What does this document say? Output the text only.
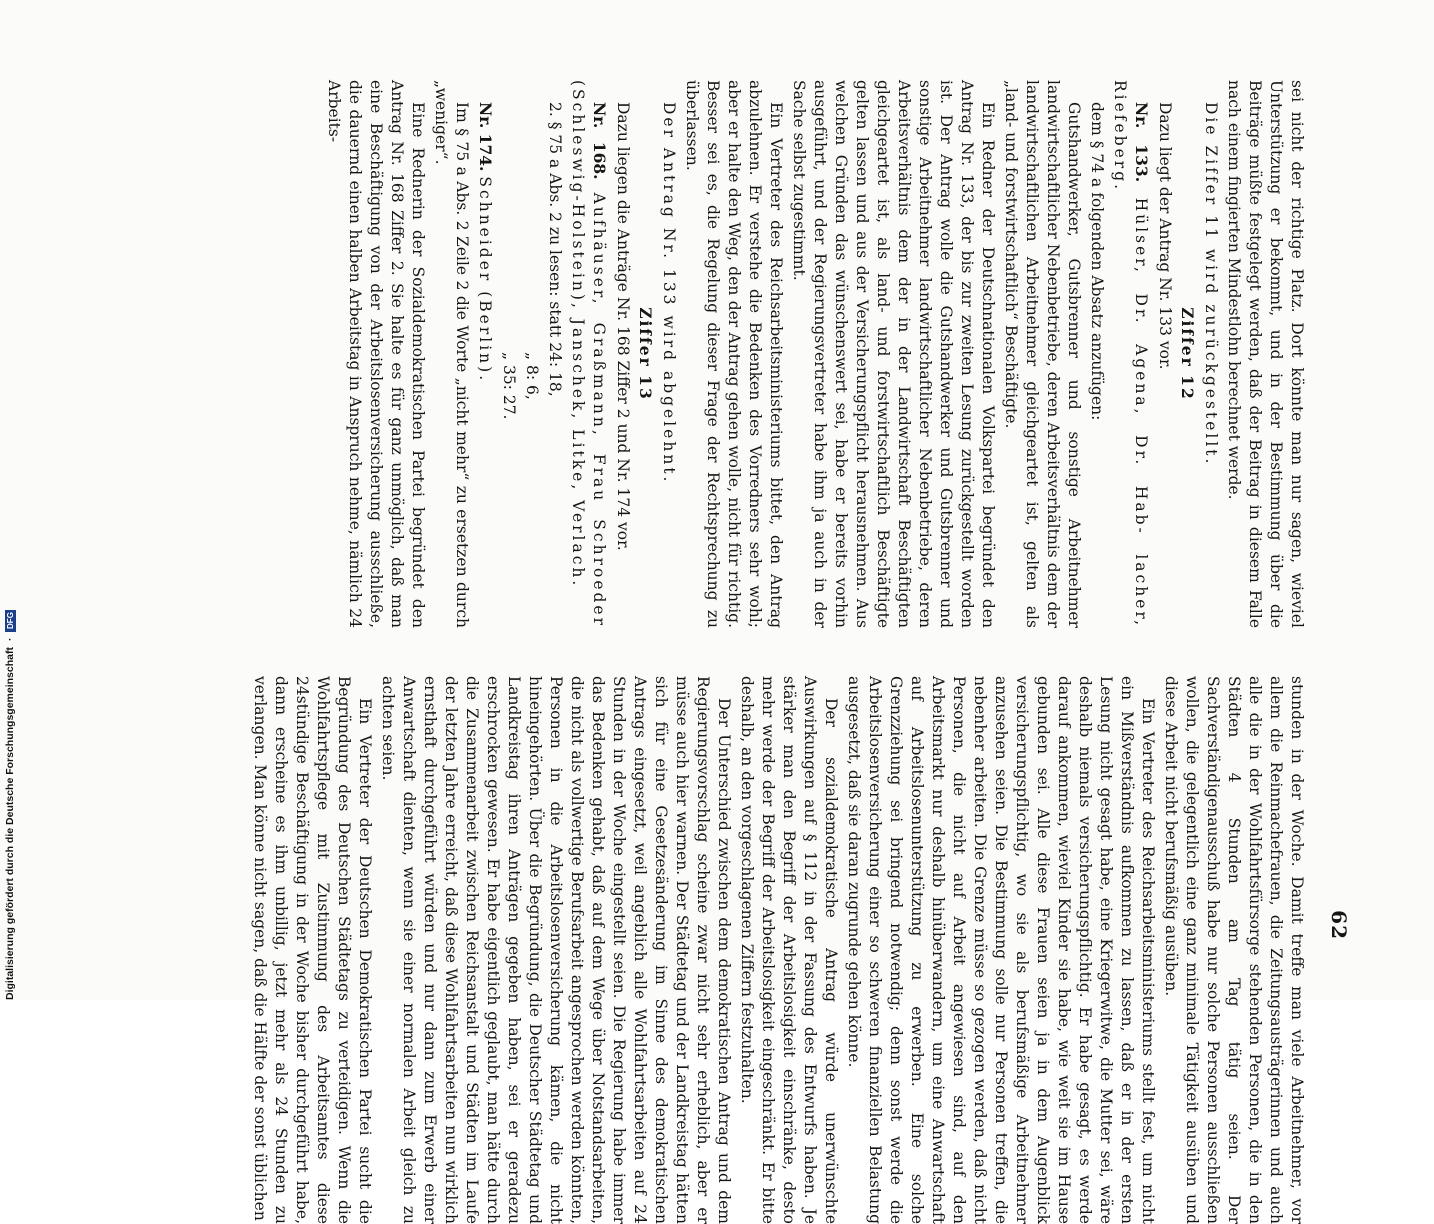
62

sei nicht der richtige Platz. Dort könnte man nur sagen, wieviel Unterstützung er bekommt, und in der Bestimmung über die Beiträge müßte festgelegt werden, daß der Beitrag in diesem Falle nach einem fingierten Mindestlohn berechnet werde.

Die Ziffer 11 wird zurückgestellt.

Ziffer 12

Dazu liegt der Antrag Nr. 133 vor.

Nr. 133. Hülser, Dr. Agena, Dr. Hab- lacher, Riefeberg.

dem § 74 a folgenden Absatz anzufügen:

Gutshandwerker, Gutsbrenner und sonstige Arbeitnehmer landwirtschaftlicher Nebenbetriebe, deren Arbeitsverhältnis dem der landwirtschaftlichen Arbeitnehmer gleichgeartet ist, gelten als „land- und forstwirtschaftlich“ Beschäftigte.

Ein Redner der Deutschnationalen Volkspartei begründet den Antrag Nr. 133, der bis zur zweiten Lesung zurückgestellt worden ist. Der Antrag wolle die Gutshandwerker und Gutsbrenner und sonstige Arbeitnehmer landwirtschaftlicher Nebenbetriebe, deren Arbeitsverhältnis dem der in der Landwirtschaft Beschäftigten gleichgeartet ist, als land- und forstwirtschaftlich Beschäftigte gelten lassen und aus der Versicherungspflicht herausnehmen. Aus welchen Gründen das wünschenswert sei, habe er bereits vorhin ausgeführt, und der Regierungsvertreter habe ihm ja auch in der Sache selbst zugestimmt.

Ein Vertreter des Reichsarbeitsministeriums bittet, den Antrag abzulehnen. Er verstehe die Bedenken des Vorredners sehr wohl; aber er halte den Weg, den der Antrag gehen wolle, nicht für richtig. Besser sei es, die Regelung dieser Frage der Rechtsprechung zu überlassen.

Der Antrag Nr. 133 wird abgelehnt.

Ziffer 13

Dazu liegen die Anträge Nr. 168 Ziffer 2 und Nr. 174 vor.

Nr. 168. Aufhäuser, Graßmann, Frau Schroeder (Schleswig-Holstein), Janschek, Litke, Verlach.

2. § 75 a Abs. 2 zu lesen: statt 24: 18,

„ 8: 6,

„ 35: 27.

Nr. 174. Schneider (Berlin).

Im § 75 a Abs. 2 Zeile 2 die Worte „nicht mehr“ zu ersetzen durch „weniger“.

Eine Rednerin der Sozialdemokratischen Partei begründet den Antrag Nr. 168 Ziffer 2. Sie halte es für ganz unmöglich, daß man eine Beschäftigung von der Arbeitslosenversicherung ausschließe, die dauernd einen halben Arbeitstag in Anspruch nehme, nämlich 24 Arbeits-

stunden in der Woche. Damit treffe man viele Arbeitnehmer, vor allem die Reinmachefrauen, die Zeitungsausträgerinnen und auch alle die in der Wohlfahrtsfürsorge stehenden Personen, die in den Städten 4 Stunden am Tag tätig seien. Der Sachverständigenausschuß habe nur solche Personen ausschließen wollen, die gelegentlich eine ganz minimale Tätigkeit ausüben und diese Arbeit nicht berufsmäßig ausüben.

Ein Vertreter des Reichsarbeitsministeriums stellt fest, um nicht ein Mißverständnis aufkommen zu lassen, daß er in der ersten Lesung nicht gesagt habe, eine Kriegerwitwe, die Mutter sei, wäre deshalb niemals versicherungspflichtig. Er habe gesagt, es werde darauf ankommen, wieviel Kinder sie habe, wie weit sie im Hause gebunden sei. Alle diese Frauen seien ja in dem Augenblick versicherungspflichtig, wo sie als berufsmäßige Arbeitnehmer anzusehen seien. Die Bestimmung solle nur Personen treffen, die nebenher arbeiten. Die Grenze müsse so gezogen werden, daß nicht Personen, die nicht auf Arbeit angewiesen sind, auf den Arbeitsmarkt nur deshalb hinüberwandern, um eine Anwartschaft auf Arbeitslosenunterstützung zu erwerben. Eine solche Grenzziehung sei bringend notwendig; denn sonst werde die Arbeitslosenversicherung einer so schweren finanziellen Belastung ausgesetzt, daß sie daran zugrunde gehen könne.

Der sozialdemokratische Antrag würde unerwünschte Auswirkungen auf § 112 in der Fassung des Entwurfs haben. Je stärker man den Begriff der Arbeitslosigkeit einschränke, desto mehr werde der Begriff der Arbeitslosigkeit eingeschränkt. Er bitte deshalb, an den vorgeschlagenen Ziffern festzuhalten.

Der Unterschied zwischen dem demokratischen Antrag und dem Regierungsvorschlag scheine zwar nicht sehr erheblich, aber er müsse auch hier warnen. Der Städtetag und der Landkreistag hätten sich für eine Gesetzesänderung im Sinne des demokratischen Antrags eingesetzt, weil angeblich alle Wohlfahrtsarbeiten auf 24 Stunden in der Woche eingestellt seien. Die Regierung habe immer das Bedenken gehabt, daß auf dem Wege über Notstandsarbeiten, die nicht als vollwertige Berufsarbeit angesprochen werden könnten, Personen in die Arbeitslosenversicherung kämen, die nicht hineingehörten. Über die Begründung, die Deutscher Städtetag und Landkreistag ihren Anträgen gegeben haben, sei er geradezu erschrocken gewesen. Er habe eigentlich geglaubt, man hätte durch die Zusammenarbeit zwischen Reichsanstalt und Städten im Laufe der letzten Jahre erreicht, daß diese Wohlfahrtsarbeiten nun wirklich ernsthaft durchgeführt würden und nur dann zum Erwerb einer Anwartschaft dienten, wenn sie einer normalen Arbeit gleich zu achten seien.

Ein Vertreter der Deutschen Demokratischen Partei sucht die Begründung des Deutschen Städtetags zu verteidigen. Wenn die Wohlfahrtspflege mit Zustimmung des Arbeitsamtes diese 24stündige Beschäftigung in der Woche bisher durchgeführt habe, dann erscheine es ihm unbillig, jetzt mehr als 24 Stunden zu verlangen. Man könne nicht sagen, daß die Hälfte der sonst üblichen

Digitalisierung gefördert durch die Deutsche Forschungsgemeinschaft
·
DFG
